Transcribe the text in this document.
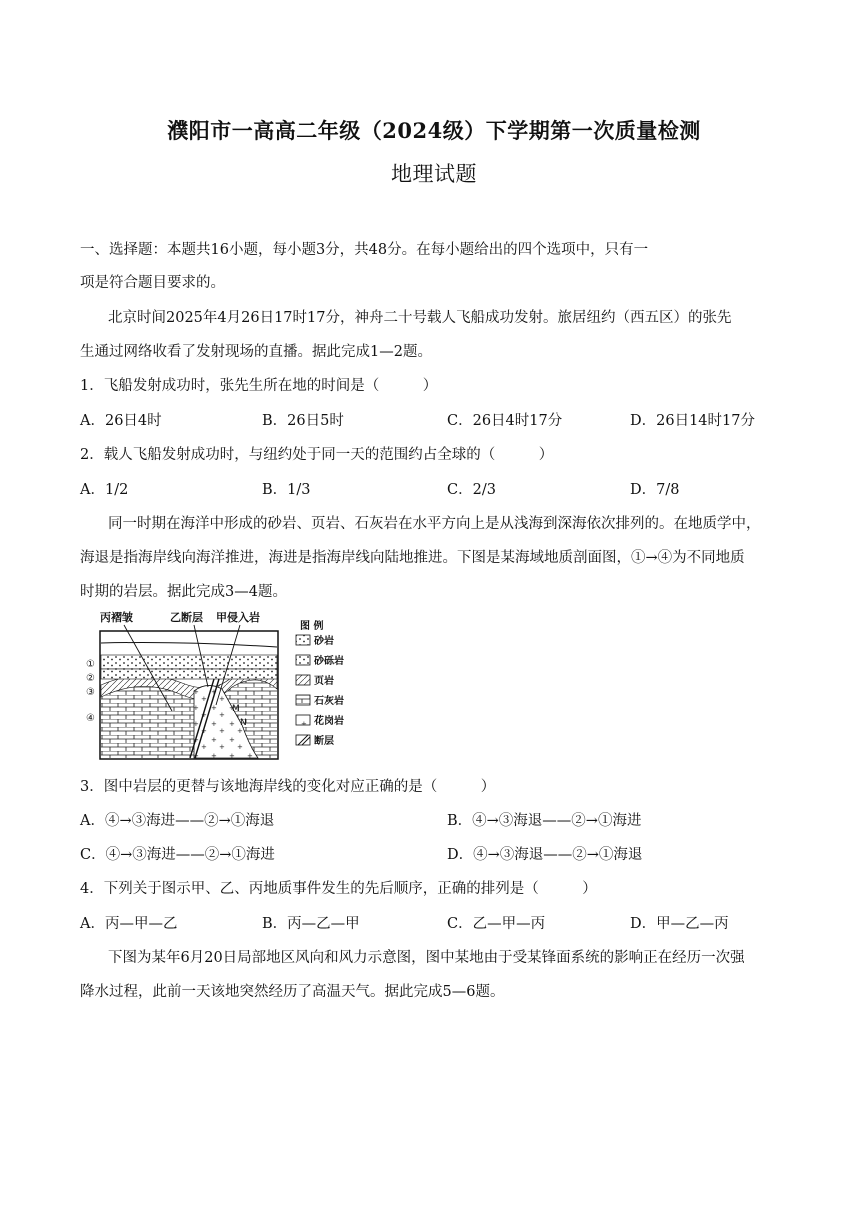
濮阳市一高高二年级（2024级）下学期第一次质量检测
地理试题
一、选择题：本题共16小题，每小题3分，共48分。在每小题给出的四个选项中，只有一
项是符合题目要求的。
北京时间2025年4月26日17时17分，神舟二十号载人飞船成功发射。旅居纽约（西五区）的张先
生通过网络收看了发射现场的直播。据此完成1—2题。
1．飞船发射成功时，张先生所在地的时间是（　　　）
A．26日4时	B．26日5时	C．26日4时17分	D．26日14时17分
2．载人飞船发射成功时，与纽约处于同一天的范围约占全球的（　　　）
A．1/2	B．1/3	C．2/3	D．7/8
同一时期在海洋中形成的砂岩、页岩、石灰岩在水平方向上是从浅海到深海依次排列的。在地质学中，
海退是指海岸线向海洋推进，海进是指海岸线向陆地推进。下图是某海域地质剖面图，①→④为不同地质
时期的岩层。据此完成3—4题。
丙褶皱	乙断层 甲侵入岩
M
N
①
②
③
④
图 例
砂岩
砂砾岩
页岩
石灰岩
花岗岩
断层
3．图中岩层的更替与该地海岸线的变化对应正确的是（　　　）
A．④→③海进——②→①海退	B．④→③海退——②→①海进
C．④→③海进——②→①海进	D．④→③海退——②→①海退
4．下列关于图示甲、乙、丙地质事件发生的先后顺序，正确的排列是（　　　）
A．丙—甲—乙	B．丙—乙—甲	C．乙—甲—丙	D．甲—乙—丙
下图为某年6月20日局部地区风向和风力示意图，图中某地由于受某锋面系统的影响正在经历一次强
降水过程，此前一天该地突然经历了高温天气。据此完成5—6题。
